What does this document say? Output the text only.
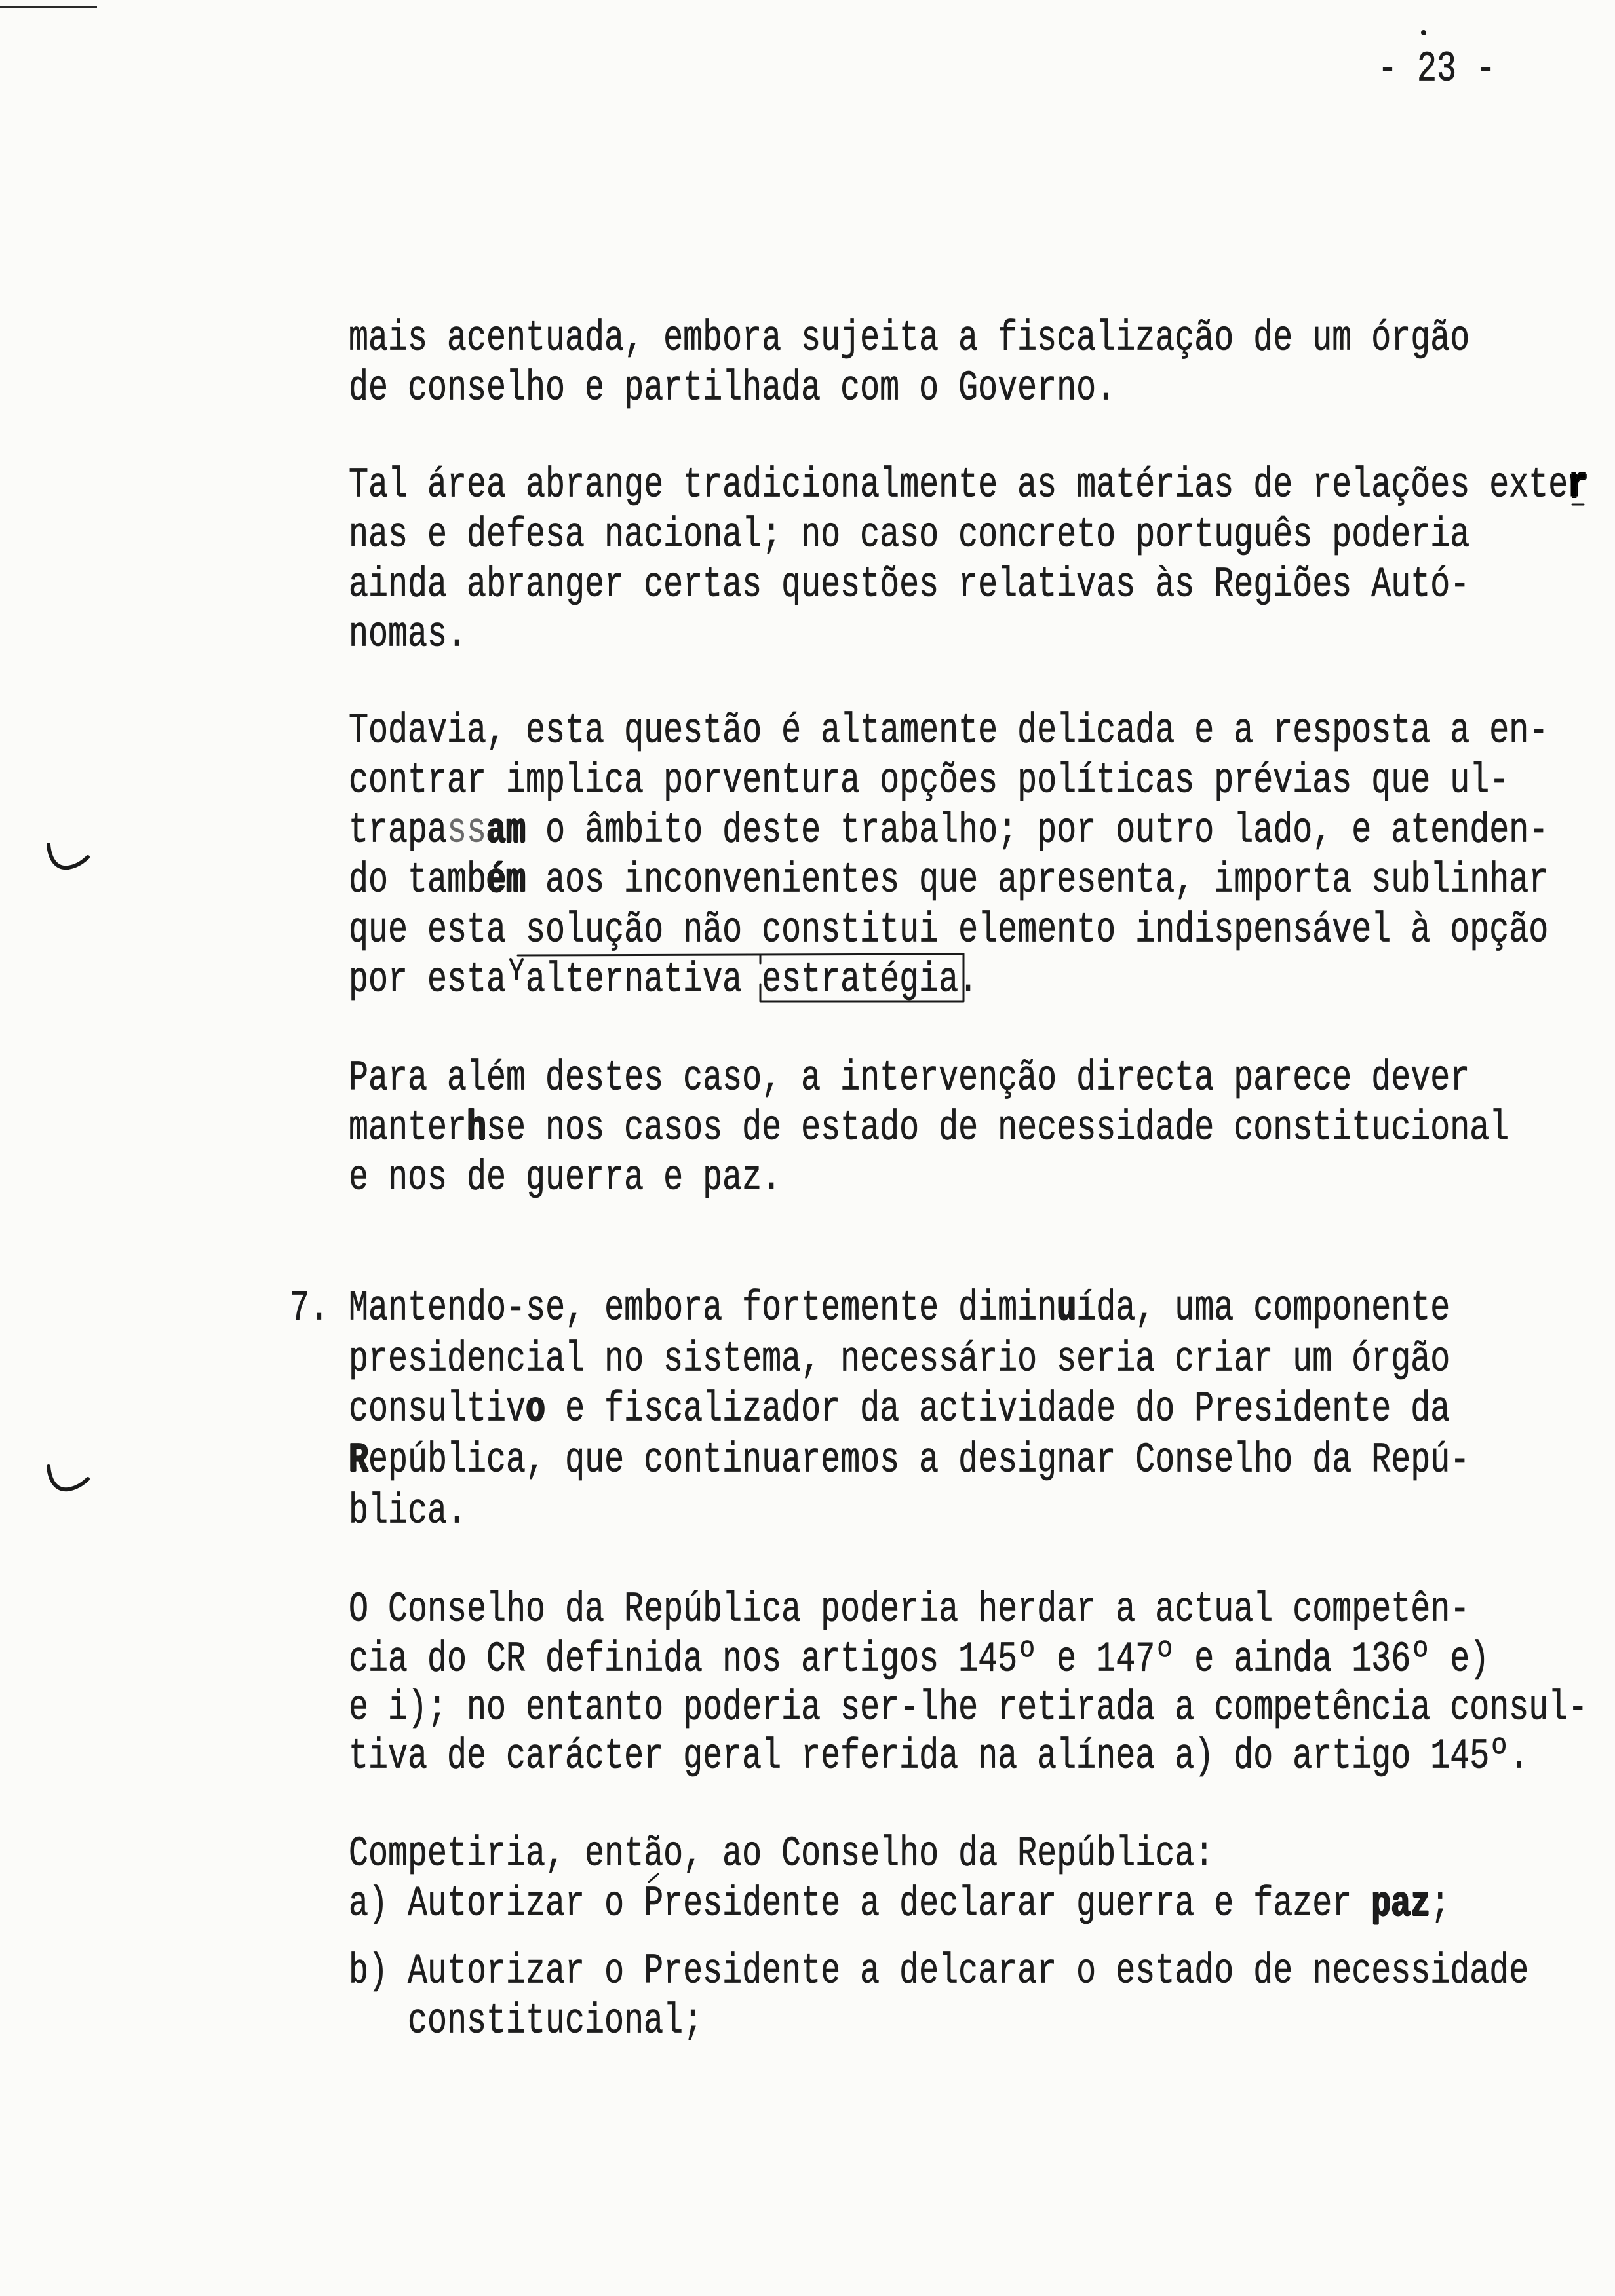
- 23 -
mais acentuada, embora sujeita a fiscalização de um órgão
de conselho e partilhada com o Governo.
Tal área abrange tradicionalmente as matérias de relações exter
nas e defesa nacional; no caso concreto português poderia
ainda abranger certas questões relativas às Regiões Autó-
nomas.
Todavia, esta questão é altamente delicada e a resposta a en-
contrar implica porventura opções políticas prévias que ul-
trapassam o âmbito deste trabalho; por outro lado, e atenden-
do também aos inconvenientes que apresenta, importa sublinhar
que esta solução não constitui elemento indispensável à opção
por esta alternativa estratégia.
Para além destes caso, a intervenção directa parece dever
manterhse nos casos de estado de necessidade constitucional
e nos de guerra e paz.
7. Mantendo-se, embora fortemente diminuída, uma componente
presidencial no sistema, necessário seria criar um órgão
consultivo e fiscalizador da actividade do Presidente da
República, que continuaremos a designar Conselho da Repú-
blica.
O Conselho da República poderia herdar a actual competên-
cia do CR definida nos artigos 145º e 147º e ainda 136º e)
e i); no entanto poderia ser-lhe retirada a competência consul-
tiva de carácter geral referida na alínea a) do artigo 145º.
Competiria, então, ao Conselho da República:
a) Autorizar o Presidente a declarar guerra e fazer paz;
b) Autorizar o Presidente a delcarar o estado de necessidade
constitucional;
